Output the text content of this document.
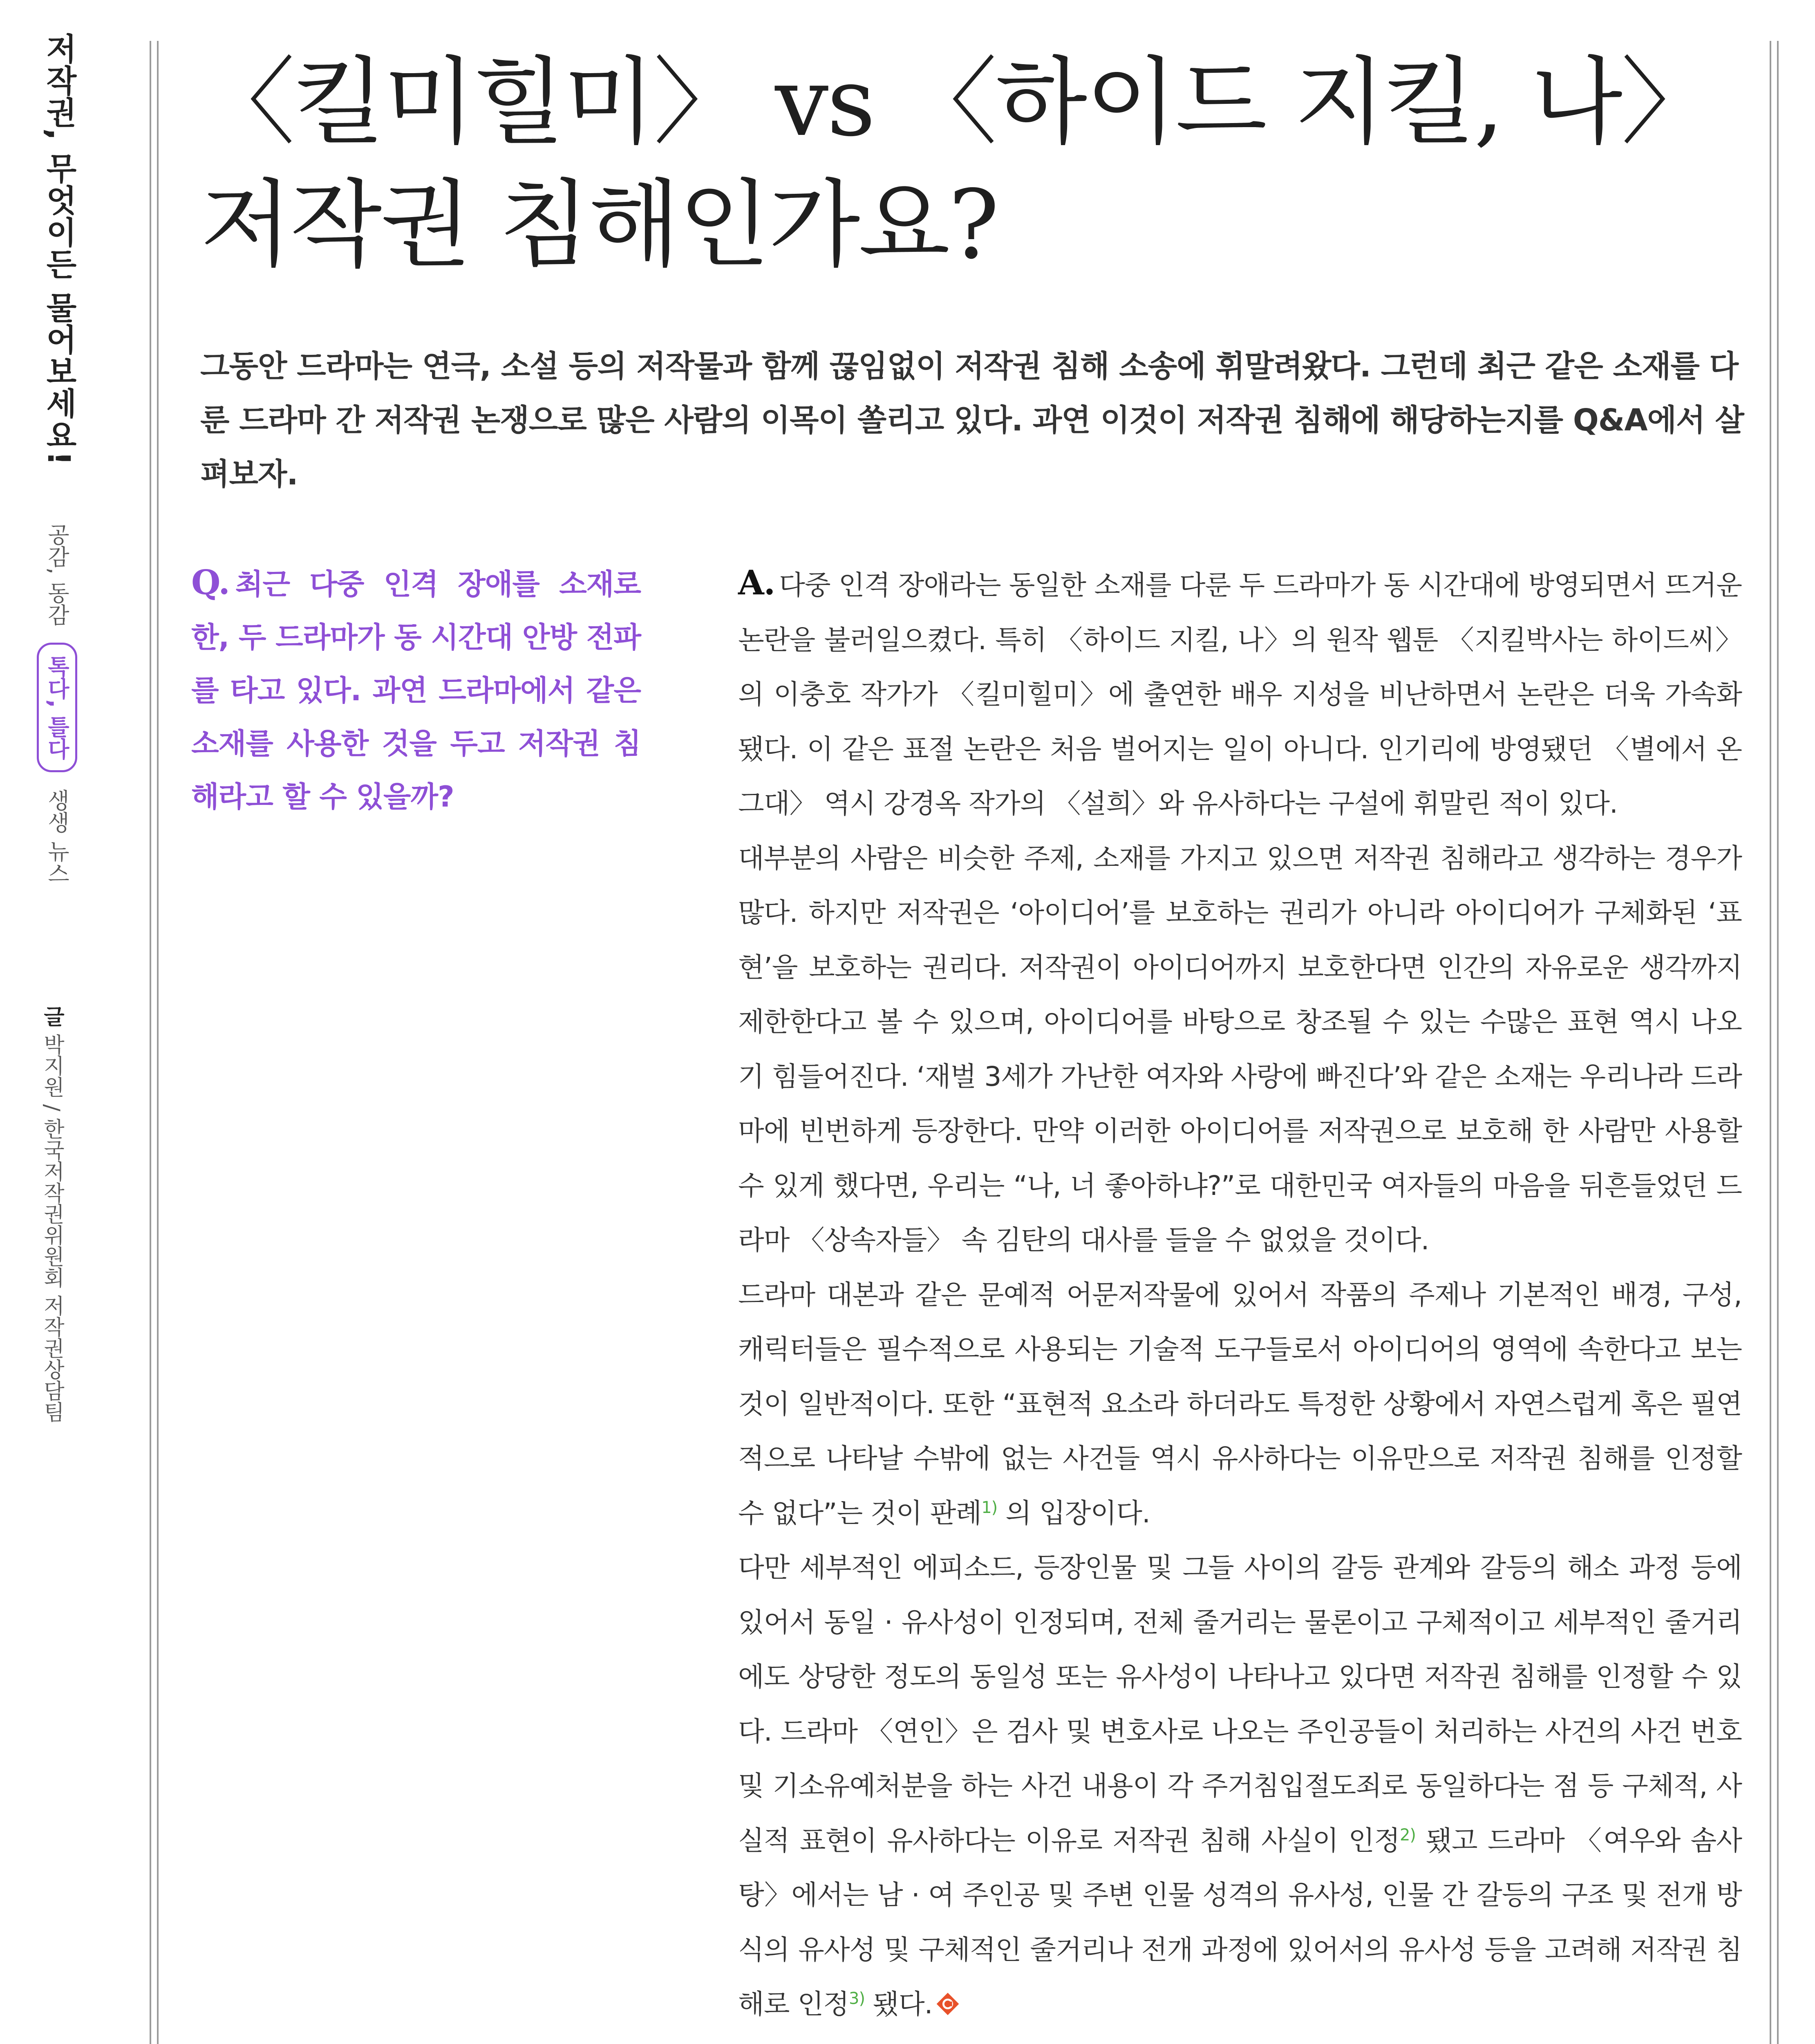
저작권, 무엇이든 물어보세요!
공감, 동감 톡다, 틀다 생생 뉴스
글 박지원 / 한국저작권위원회 저작권상담팀
〈킬미힐미〉 vs 〈하이드 지킬, 나〉
저작권 침해인가요?

그동안 드라마는 연극, 소설 등의 저작물과 함께 끊임없이 저작권 침해 소송에 휘말려왔다. 그런데 최근 같은 소재를 다룬 드라마 간 저작권 논쟁으로 많은 사람의 이목이 쏠리고 있다. 과연 이것이 저작권 침해에 해당하는지를 Q&A에서 살펴보자.

Q. 최근 다중 인격 장애를 소재로 한, 두 드라마가 동 시간대 안방 전파를 타고 있다. 과연 드라마에서 같은 소재를 사용한 것을 두고 저작권 침해라고 할 수 있을까?

A. 다중 인격 장애라는 동일한 소재를 다룬 두 드라마가 동 시간대에 방영되면서 뜨거운 논란을 불러일으켰다. 특히 〈하이드 지킬, 나〉의 원작 웹툰 〈지킬박사는 하이드씨〉의 이충호 작가가 〈킬미힐미〉에 출연한 배우 지성을 비난하면서 논란은 더욱 가속화됐다. 이 같은 표절 논란은 처음 벌어지는 일이 아니다. 인기리에 방영됐던 〈별에서 온 그대〉 역시 강경옥 작가의 〈설희〉와 유사하다는 구설에 휘말린 적이 있다.

대부분의 사람은 비슷한 주제, 소재를 가지고 있으면 저작권 침해라고 생각하는 경우가 많다. 하지만 저작권은 ‘아이디어’를 보호하는 권리가 아니라 아이디어가 구체화된 ‘표현’을 보호하는 권리다. 저작권이 아이디어까지 보호한다면 인간의 자유로운 생각까지 제한한다고 볼 수 있으며, 아이디어를 바탕으로 창조될 수 있는 수많은 표현 역시 나오기 힘들어진다. ‘재벌 3세가 가난한 여자와 사랑에 빠진다’와 같은 소재는 우리나라 드라마에 빈번하게 등장한다. 만약 이러한 아이디어를 저작권으로 보호해 한 사람만 사용할 수 있게 했다면, 우리는 “나, 너 좋아하냐?”로 대한민국 여자들의 마음을 뒤흔들었던 드라마 〈상속자들〉 속 김탄의 대사를 들을 수 없었을 것이다.

드라마 대본과 같은 문예적 어문저작물에 있어서 작품의 주제나 기본적인 배경, 구성, 캐릭터들은 필수적으로 사용되는 기술적 도구들로서 아이디어의 영역에 속한다고 보는 것이 일반적이다. 또한 “표현적 요소라 하더라도 특정한 상황에서 자연스럽게 혹은 필연적으로 나타날 수밖에 없는 사건들 역시 유사하다는 이유만으로 저작권 침해를 인정할 수 없다”는 것이 판례$^{1)}$ 의 입장이다.

다만 세부적인 에피소드, 등장인물 및 그들 사이의 갈등 관계와 갈등의 해소 과정 등에 있어서 동일 · 유사성이 인정되며, 전체 줄거리는 물론이고 구체적이고 세부적인 줄거리에도 상당한 정도의 동일성 또는 유사성이 나타나고 있다면 저작권 침해를 인정할 수 있다. 드라마 〈연인〉은 검사 및 변호사로 나오는 주인공들이 처리하는 사건의 사건 번호 및 기소유예처분을 하는 사건 내용이 각 주거침입절도죄로 동일하다는 점 등 구체적, 사실적 표현이 유사하다는 이유로 저작권 침해 사실이 인정$^{2)}$ 됐고 드라마 〈여우와 솜사탕〉에서는 남 · 여 주인공 및 주변 인물 성격의 유사성, 인물 간 갈등의 구조 및 전개 방식의 유사성 및 구체적인 줄거리나 전개 과정에 있어서의 유사성 등을 고려해 저작권 침해로 인정$^{3)}$ 됐다.
